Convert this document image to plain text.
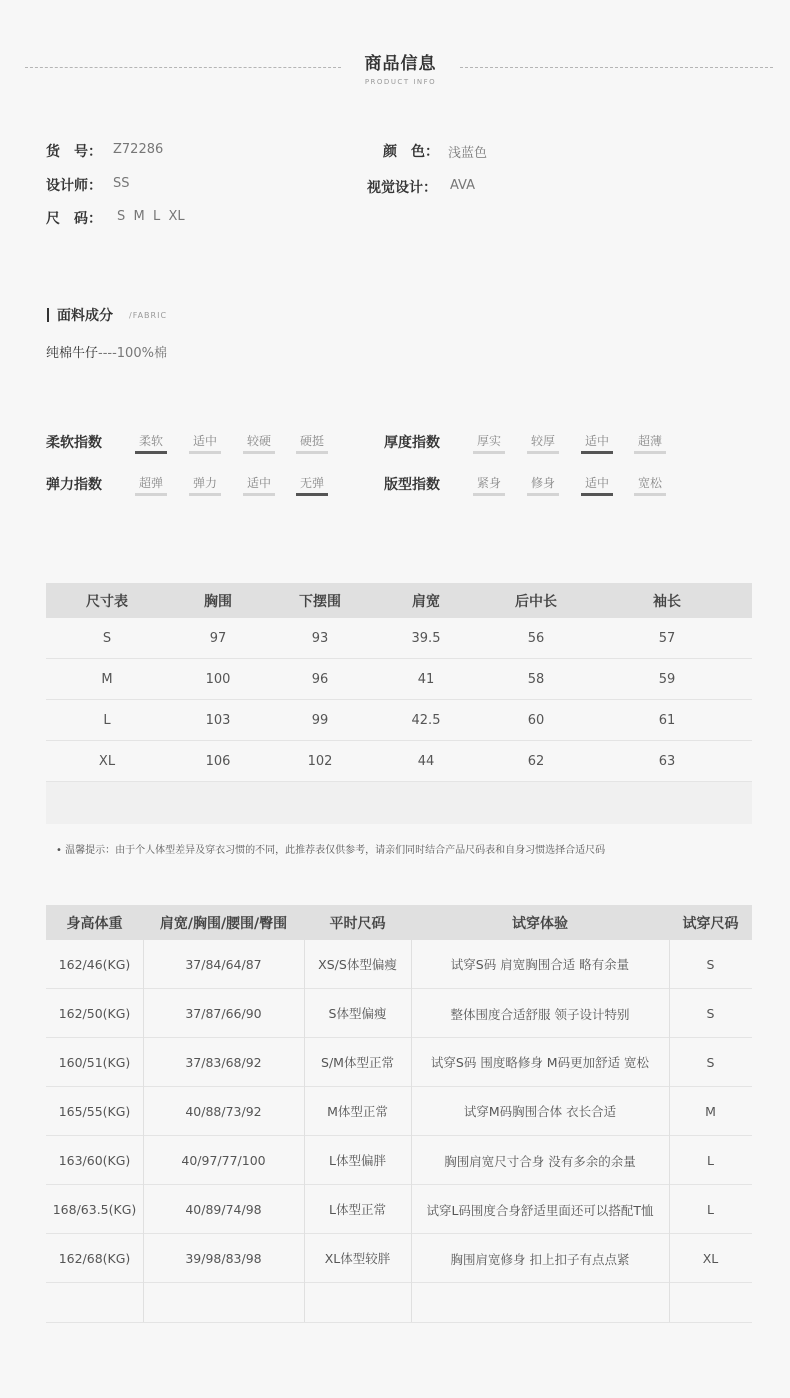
商品信息
PRODUCT INFO
货　号： Z72286	颜　色： 浅蓝色
设计师： SS	视觉设计： AVA
尺　码： S  M  L  XL
面料成分 /FABRIC
纯棉牛仔----100%棉
柔软指数	柔软	适中	较硬	硬挺	厚度指数	厚实	较厚	适中	超薄
弹力指数	超弹	弹力	适中	无弹	版型指数	紧身	修身	适中	宽松
尺寸表	胸围	下摆围	肩宽	后中长	袖长
S	97	93	39.5	56	57
M	100	96	41	58	59
L	103	99	42.5	60	61
XL	106	102	44	62	63
• 温馨提示：由于个人体型差异及穿衣习惯的不同，此推荐表仅供参考，请亲们同时结合产品尺码表和自身习惯选择合适尺码
身高体重	肩宽/胸围/腰围/臀围	平时尺码	试穿体验	试穿尺码
162/46(KG)	37/84/64/87	XS/S体型偏瘦	试穿S码 肩宽胸围合适 略有余量	S
162/50(KG)	37/87/66/90	S体型偏瘦	整体围度合适舒服 领子设计特别	S
160/51(KG)	37/83/68/92	S/M体型正常	试穿S码 围度略修身 M码更加舒适 宽松	S
165/55(KG)	40/88/73/92	M体型正常	试穿M码胸围合体 衣长合适	M
163/60(KG)	40/97/77/100	L体型偏胖	胸围肩宽尺寸合身 没有多余的余量	L
168/63.5(KG)	40/89/74/98	L体型正常	试穿L码围度合身舒适里面还可以搭配T恤	L
162/68(KG)	39/98/83/98	XL体型较胖	胸围肩宽修身 扣上扣子有点点紧	XL
